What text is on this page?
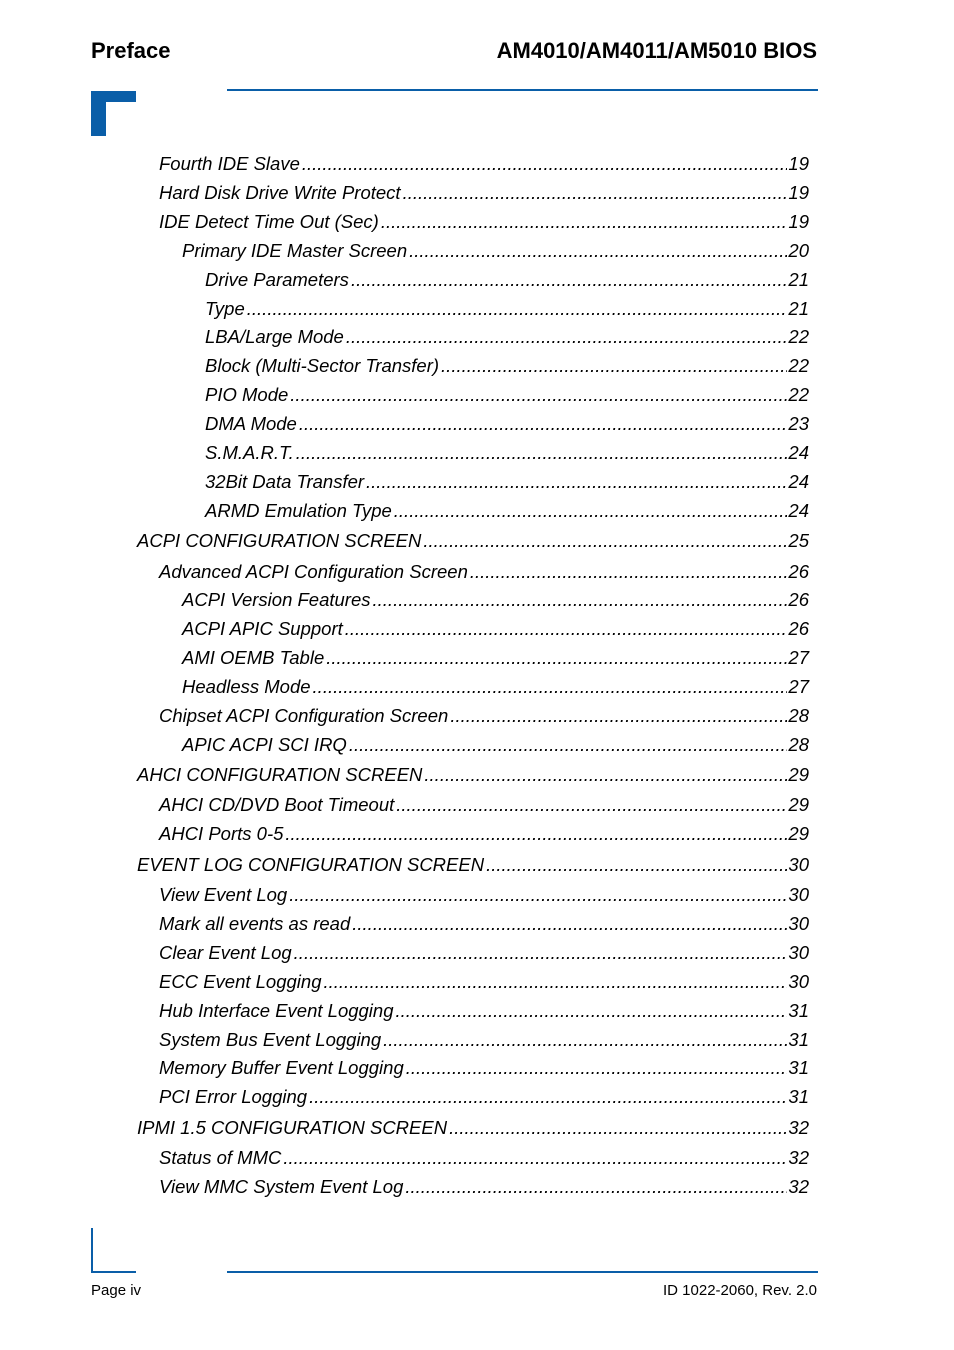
Preface	AM4010/AM4011/AM5010 BIOS
Fourth IDE Slave .....	19
Hard Disk Drive Write Protect .....	19
IDE Detect Time Out (Sec) .....	19
Primary IDE Master Screen .....	20
Drive Parameters .....	21
Type .....	21
LBA/Large Mode .....	22
Block (Multi-Sector Transfer) .....	22
PIO Mode .....	22
DMA Mode .....	23
S.M.A.R.T. .....	24
32Bit Data Transfer .....	24
ARMD Emulation Type .....	24
ACPI CONFIGURATION SCREEN .....	25
Advanced ACPI Configuration Screen .....	26
ACPI Version Features .....	26
ACPI APIC Support .....	26
AMI OEMB Table .....	27
Headless Mode .....	27
Chipset ACPI Configuration Screen .....	28
APIC ACPI SCI IRQ .....	28
AHCI CONFIGURATION SCREEN .....	29
AHCI CD/DVD Boot Timeout .....	29
AHCI Ports 0-5 .....	29
EVENT LOG CONFIGURATION SCREEN .....	30
View Event Log .....	30
Mark all events as read .....	30
Clear Event Log .....	30
ECC Event Logging .....	30
Hub Interface Event Logging .....	31
System Bus Event Logging .....	31
Memory Buffer Event Logging .....	31
PCI Error Logging .....	31
IPMI 1.5 CONFIGURATION SCREEN .....	32
Status of MMC .....	32
View MMC System Event Log .....	32
Page iv	ID 1022-2060, Rev. 2.0
